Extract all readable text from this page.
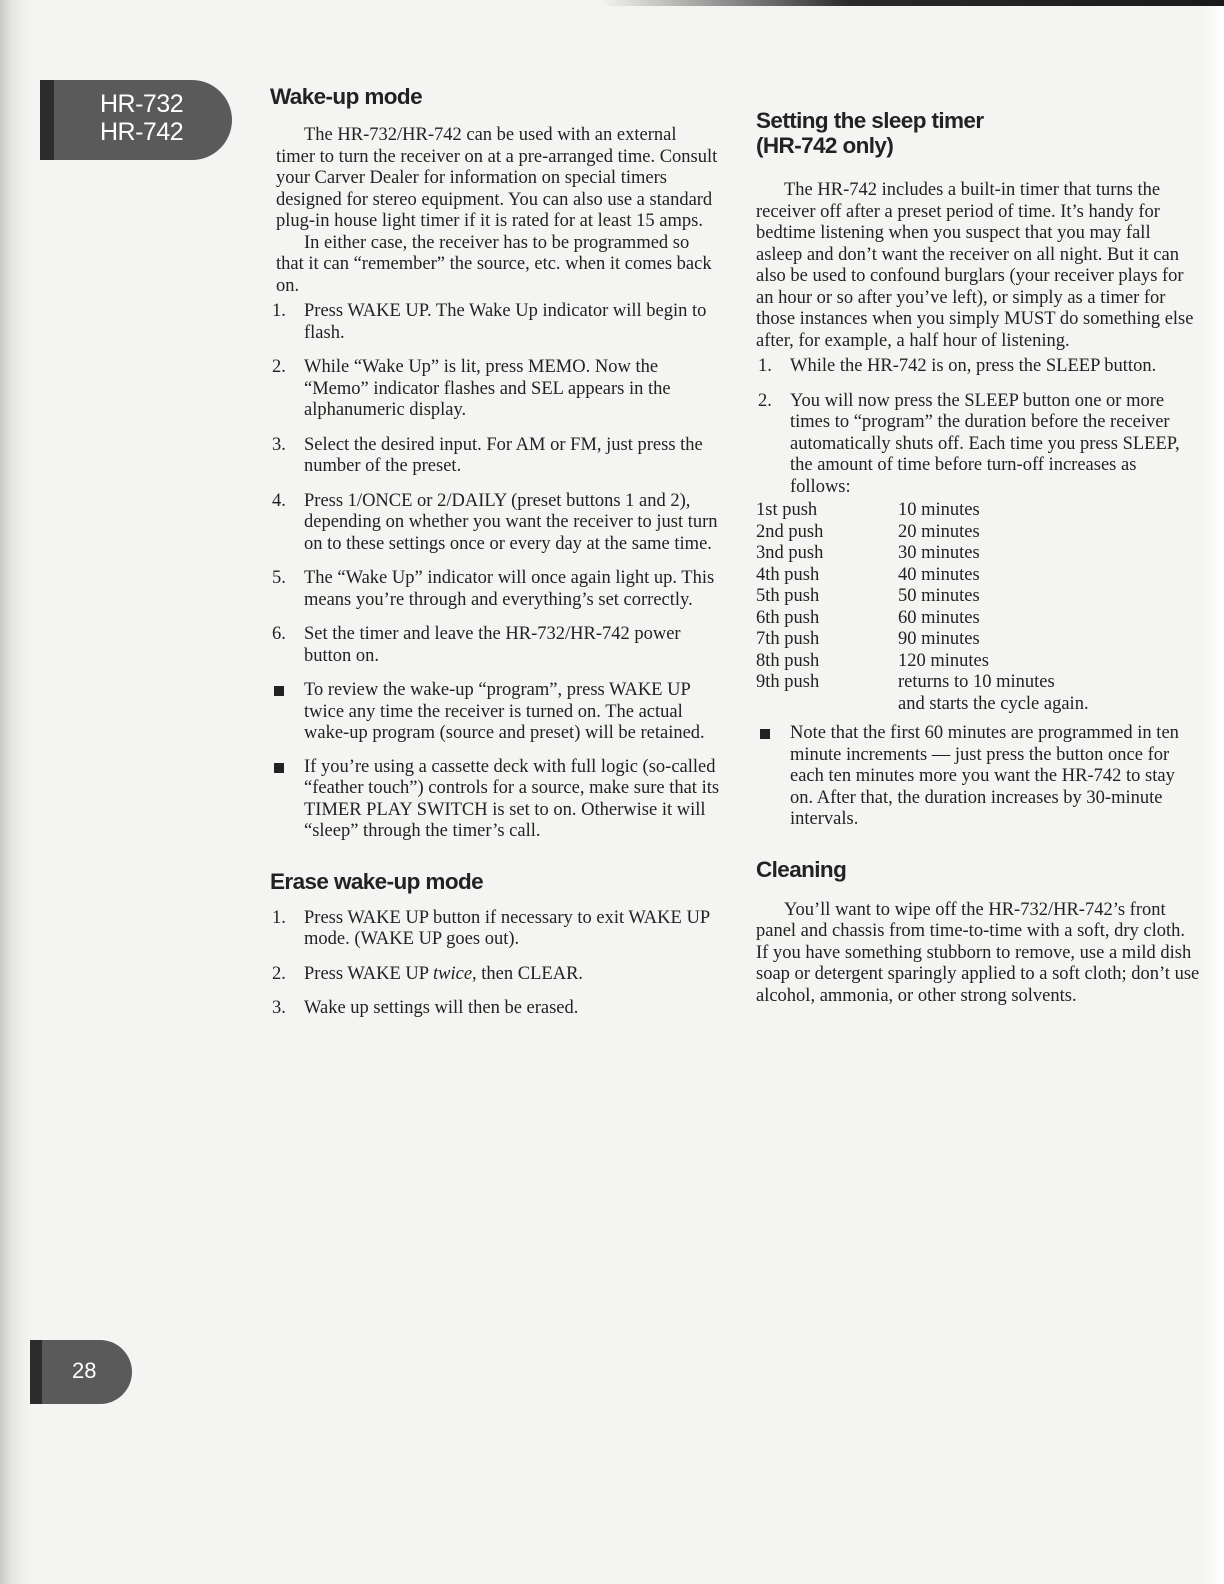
HR-732
HR-742
28
Wake-up mode

The HR-732/HR-742 can be used with an external timer to turn the receiver on at a pre-arranged time. Consult your Carver Dealer for information on special timers designed for stereo equipment. You can also use a standard plug-in house light timer if it is rated for at least 15 amps.

In either case, the receiver has to be programmed so that it can “remember” the source, etc. when it comes back on.

1. Press WAKE UP. The Wake Up indicator will begin to flash.
2. While “Wake Up” is lit, press MEMO. Now the “Memo” indicator flashes and SEL appears in the alphanumeric display.
3. Select the desired input. For AM or FM, just press the number of the preset.
4. Press 1/ONCE or 2/DAILY (preset buttons 1 and 2), depending on whether you want the receiver to just turn on to these settings once or every day at the same time.
5. The “Wake Up” indicator will once again light up. This means you’re through and everything’s set correctly.
6. Set the timer and leave the HR-732/HR-742 power button on.
To review the wake-up “program”, press WAKE UP twice any time the receiver is turned on. The actual wake-up program (source and preset) will be retained.
If you’re using a cassette deck with full logic (so-called “feather touch”) controls for a source, make sure that its TIMER PLAY SWITCH is set to on. Otherwise it will “sleep” through the timer’s call.
Erase wake-up mode
1. Press WAKE UP button if necessary to exit WAKE UP mode. (WAKE UP goes out).
2. Press WAKE UP twice, then CLEAR.
3. Wake up settings will then be erased.
Setting the sleep timer
(HR-742 only)

The HR-742 includes a built-in timer that turns the receiver off after a preset period of time. It’s handy for bedtime listening when you suspect that you may fall asleep and don’t want the receiver on all night. But it can also be used to confound burglars (your receiver plays for an hour or so after you’ve left), or simply as a timer for those instances when you simply MUST do something else after, for example, a half hour of listening.

1. While the HR-742 is on, press the SLEEP button.
2. You will now press the SLEEP button one or more times to “program” the duration before the receiver automatically shuts off. Each time you press SLEEP, the amount of time before turn-off increases as follows:
1st push	10 minutes
2nd push	20 minutes
3nd push	30 minutes
4th push	40 minutes
5th push	50 minutes
6th push	60 minutes
7th push	90 minutes
8th push	120 minutes
9th push	returns to 10 minutes
and starts the cycle again.
Note that the first 60 minutes are programmed in ten minute increments — just press the button once for each ten minutes more you want the HR-742 to stay on. After that, the duration increases by 30-minute intervals.
Cleaning

You’ll want to wipe off the HR-732/HR-742’s front panel and chassis from time-to-time with a soft, dry cloth. If you have something stubborn to remove, use a mild dish soap or detergent sparingly applied to a soft cloth; don’t use alcohol, ammonia, or other strong solvents.
